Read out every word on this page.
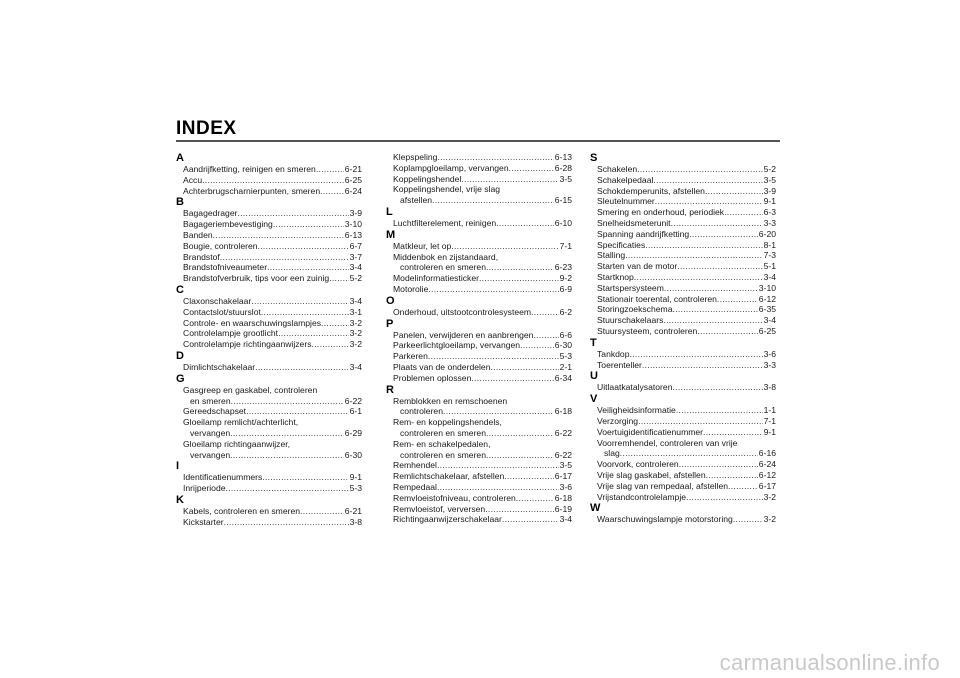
INDEX
A
Aandrijfketting, reinigen en smeren .....	6-21
Accu .....	6-25
Achterbrugscharnierpunten, smeren .....	6-24
B
Bagagedrager .....	3-9
Bagageriembevestiging .....	3-10
Banden .....	6-13
Bougie, controleren .....	6-7
Brandstof .....	3-7
Brandstofniveaumeter .....	3-4
Brandstofverbruik, tips voor een zuinig ..... 5-2
C
Claxonschakelaar .....	3-4
Contactslot/stuurslot .....	3-1
Controle- en waarschuwingslampjes .....	3-2
Controlelampje grootlicht .....	3-2
Controlelampje richtingaanwijzers .....	3-2
D
Dimlichtschakelaar .....	3-4
G
Gasgreep en gaskabel, controleren
en smeren .....	6-22
Gereedschapset .....	6-1
Gloeilamp remlicht/achterlicht,
vervangen .....	6-29
Gloeilamp richtingaanwijzer,
vervangen .....	6-30
I
Identificatienummers .....	9-1
Inrijperiode .....	5-3
K
Kabels, controleren en smeren .....	6-21
Kickstarter .....	3-8
Klepspeling .....	6-13
Koplampgloeilamp, vervangen .....	6-28
Koppelingshendel .....	3-5
Koppelingshendel, vrije slag
afstellen .....	6-15
L
Luchtfilterelement, reinigen .....	6-10
M
Matkleur, let op .....	7-1
Middenbok en zijstandaard,
controleren en smeren .....	6-23
Modelinformatiesticker .....	9-2
Motorolie .....	6-9
O
Onderhoud, uitstootcontrolesysteem .....	6-2
P
Panelen, verwijderen en aanbrengen .....	6-6
Parkeerlichtgloeilamp, vervangen .....	6-30
Parkeren .....	5-3
Plaats van de onderdelen .....	2-1
Problemen oplossen .....	6-34
R
Remblokken en remschoenen
controleren .....	6-18
Rem- en koppelingshendels,
controleren en smeren .....	6-22
Rem- en schakelpedalen,
controleren en smeren .....	6-22
Remhendel .....	3-5
Remlichtschakelaar, afstellen .....	6-17
Rempedaal .....	3-6
Remvloeistofniveau, controleren .....	6-18
Remvloeistof, verversen .....	6-19
Richtingaanwijzerschakelaar .....	3-4
S
Schakelen .....	5-2
Schakelpedaal .....	3-5
Schokdemperunits, afstellen .....	3-9
Sleutelnummer .....	9-1
Smering en onderhoud, periodiek .....	6-3
Snelheidsmeterunit .....	3-3
Spanning aandrijfketting .....	6-20
Specificaties .....	8-1
Stalling .....	7-3
Starten van de motor .....	5-1
Startknop .....	3-4
Startspersysteem .....	3-10
Stationair toerental, controleren .....	6-12
Storingzoekschema .....	6-35
Stuurschakelaars .....	3-4
Stuursysteem, controleren .....	6-25
T
Tankdop .....	3-6
Toerenteller .....	3-3
U
Uitlaatkatalysatoren .....	3-8
V
Veiligheidsinformatie .....	1-1
Verzorging .....	7-1
Voertuigidentificatienummer .....	9-1
Voorremhendel, controleren van vrije
slag .....	6-16
Voorvork, controleren .....	6-24
Vrije slag gaskabel, afstellen .....	6-12
Vrije slag van rempedaal, afstellen .....	6-17
Vrijstandcontrolelampje .....	3-2
W
Waarschuwingslampje motorstoring .....	3-2
carmanualsonline.info
